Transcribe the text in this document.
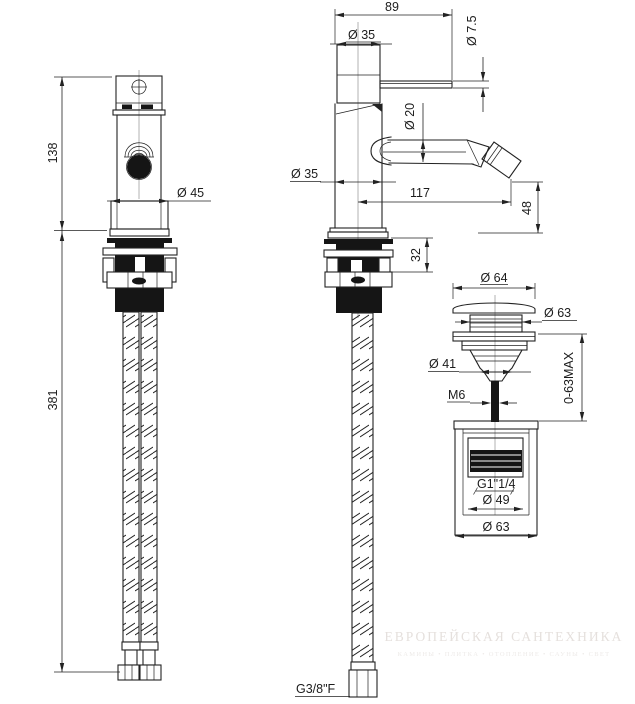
138
381
Ø 45
89
Ø 35	Ø 7.5
Ø 20
Ø 35
117
48
32
G3/8"F
Ø 64
Ø 63
Ø 41
M6	0-63MAX
G1"1/4
Ø 49
Ø 63
ЕВРОПЕЙСКАЯ САНТЕХНИКА
КАМИНЫ • ПЛИТКА • ОТОПЛЕНИЕ • САУНЫ • СВЕТ
